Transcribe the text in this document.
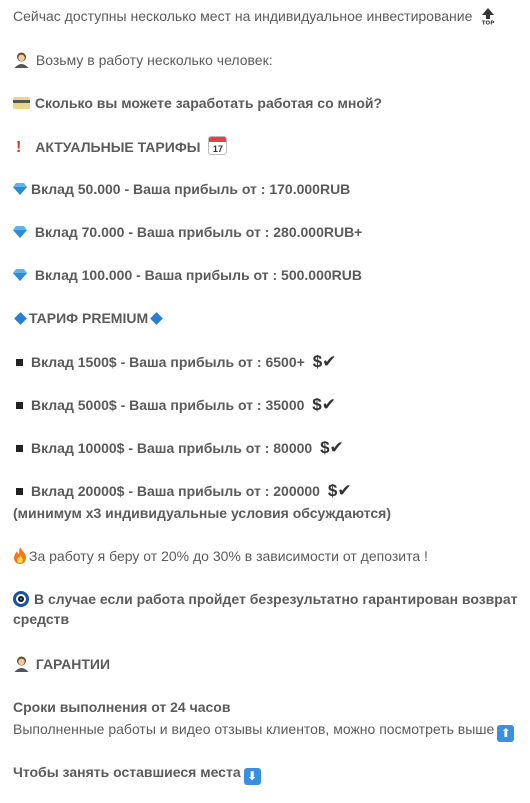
Сейчас доступны несколько мест на индивидуальное инвестирование TOP
Возьму в работу несколько человек:
Сколько вы можете заработать работая со мной?
! АКТУАЛЬНЫЕ ТАРИФЫ 17
Вклад 50.000 - Ваша прибыль от : 170.000RUB
Вклад 70.000 - Ваша прибыль от : 280.000RUB+
Вклад 100.000 - Ваша прибыль от : 500.000RUB
ТАРИФ PREMIUM
Вклад 1500$ - Ваша прибыль от : 6500+ $✔
Вклад 5000$ - Ваша прибыль от : 35000 $✔
Вклад 10000$ - Ваша прибыль от : 80000 $✔
Вклад 20000$ - Ваша прибыль от : 200000 $✔
(минимум х3 индивидуальные условия обсуждаются)
За работу я беру от 20% до 30% в зависимости от депозита !
В случае если работа пройдет безрезультатно гарантирован возврат средств
ГАРАНТИИ
Сроки выполнения от 24 часов
Выполненные работы и видео отзывы клиентов, можно посмотреть выше ⬆
Чтобы занять оставшиеся места ⬇
